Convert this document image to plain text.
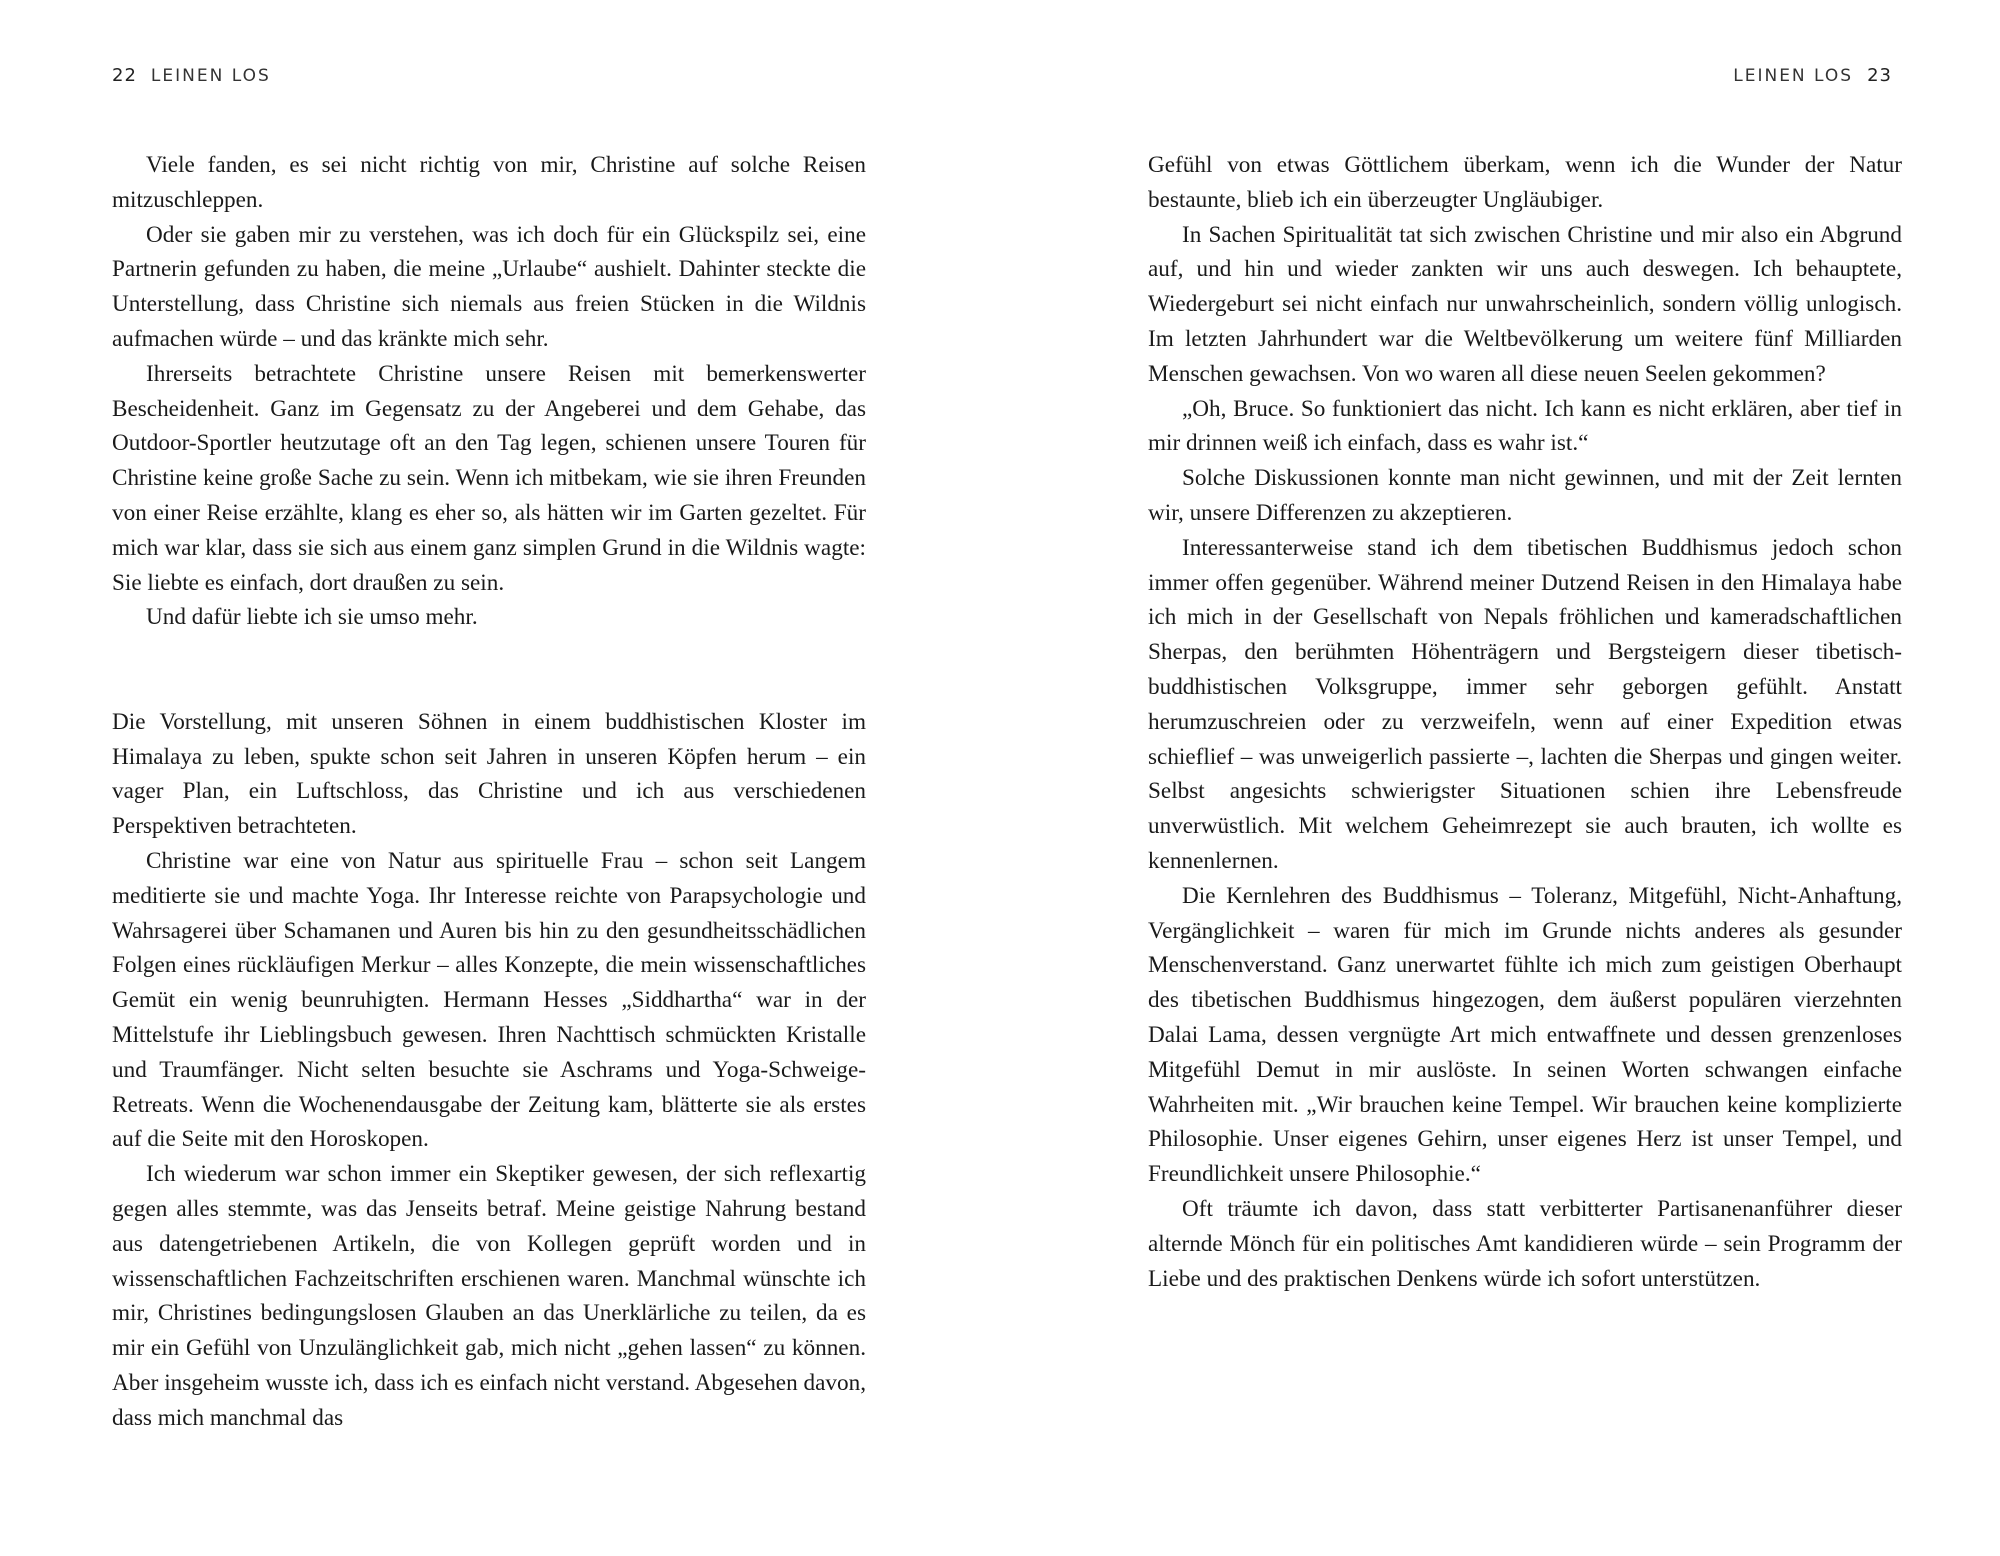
22 LEINEN LOS

Viele fanden, es sei nicht richtig von mir, Christine auf solche Reisen mitzuschleppen.

Oder sie gaben mir zu verstehen, was ich doch für ein Glückspilz sei, eine Partnerin gefunden zu haben, die meine „Urlaube“ aushielt. Dahinter steckte die Unterstellung, dass Christine sich niemals aus freien Stücken in die Wildnis aufmachen würde – und das kränkte mich sehr.

Ihrerseits betrachtete Christine unsere Reisen mit bemerkenswerter Bescheidenheit. Ganz im Gegensatz zu der Angeberei und dem Gehabe, das Outdoor-Sportler heutzutage oft an den Tag legen, schienen unsere Touren für Christine keine große Sache zu sein. Wenn ich mitbekam, wie sie ihren Freunden von einer Reise erzählte, klang es eher so, als hätten wir im Garten gezeltet. Für mich war klar, dass sie sich aus einem ganz simplen Grund in die Wildnis wagte: Sie liebte es einfach, dort draußen zu sein.

Und dafür liebte ich sie umso mehr.

Die Vorstellung, mit unseren Söhnen in einem buddhistischen Kloster im Himalaya zu leben, spukte schon seit Jahren in unseren Köpfen herum – ein vager Plan, ein Luftschloss, das Christine und ich aus verschiedenen Perspektiven betrachteten.

Christine war eine von Natur aus spirituelle Frau – schon seit Langem meditierte sie und machte Yoga. Ihr Interesse reichte von Parapsychologie und Wahrsagerei über Schamanen und Auren bis hin zu den gesundheitsschädlichen Folgen eines rückläufigen Merkur – alles Konzepte, die mein wissenschaftliches Gemüt ein wenig beunruhigten. Hermann Hesses „Siddhartha“ war in der Mittelstufe ihr Lieblingsbuch gewesen. Ihren Nachttisch schmückten Kristalle und Traumfänger. Nicht selten besuchte sie Aschrams und Yoga-Schweige-Retreats. Wenn die Wochenendausgabe der Zeitung kam, blätterte sie als erstes auf die Seite mit den Horoskopen.

Ich wiederum war schon immer ein Skeptiker gewesen, der sich reflexartig gegen alles stemmte, was das Jenseits betraf. Meine geistige Nahrung bestand aus datengetriebenen Artikeln, die von Kollegen geprüft worden und in wissenschaftlichen Fachzeitschriften erschienen waren. Manchmal wünschte ich mir, Christines bedingungslosen Glauben an das Unerklärliche zu teilen, da es mir ein Gefühl von Unzulänglichkeit gab, mich nicht „gehen lassen“ zu können. Aber insgeheim wusste ich, dass ich es einfach nicht verstand. Abgesehen davon, dass mich manchmal das

LEINEN LOS 23

Gefühl von etwas Göttlichem überkam, wenn ich die Wunder der Natur bestaunte, blieb ich ein überzeugter Ungläubiger.

In Sachen Spiritualität tat sich zwischen Christine und mir also ein Abgrund auf, und hin und wieder zankten wir uns auch deswegen. Ich behauptete, Wiedergeburt sei nicht einfach nur unwahrscheinlich, sondern völlig unlogisch. Im letzten Jahrhundert war die Weltbevölkerung um weitere fünf Milliarden Menschen gewachsen. Von wo waren all diese neuen Seelen gekommen?

„Oh, Bruce. So funktioniert das nicht. Ich kann es nicht erklären, aber tief in mir drinnen weiß ich einfach, dass es wahr ist.“

Solche Diskussionen konnte man nicht gewinnen, und mit der Zeit lernten wir, unsere Differenzen zu akzeptieren.

Interessanterweise stand ich dem tibetischen Buddhismus jedoch schon immer offen gegenüber. Während meiner Dutzend Reisen in den Himalaya habe ich mich in der Gesellschaft von Nepals fröhlichen und kameradschaftlichen Sherpas, den berühmten Höhenträgern und Bergsteigern dieser tibetisch-buddhistischen Volksgruppe, immer sehr geborgen gefühlt. Anstatt herumzuschreien oder zu verzweifeln, wenn auf einer Expedition etwas schieflief – was unweigerlich passierte –, lachten die Sherpas und gingen weiter. Selbst angesichts schwierigster Situationen schien ihre Lebensfreude unverwüstlich. Mit welchem Geheimrezept sie auch brauten, ich wollte es kennenlernen.

Die Kernlehren des Buddhismus – Toleranz, Mitgefühl, Nicht-Anhaftung, Vergänglichkeit – waren für mich im Grunde nichts anderes als gesunder Menschenverstand. Ganz unerwartet fühlte ich mich zum geistigen Oberhaupt des tibetischen Buddhismus hingezogen, dem äußerst populären vierzehnten Dalai Lama, dessen vergnügte Art mich entwaffnete und dessen grenzenloses Mitgefühl Demut in mir auslöste. In seinen Worten schwangen einfache Wahrheiten mit. „Wir brauchen keine Tempel. Wir brauchen keine komplizierte Philosophie. Unser eigenes Gehirn, unser eigenes Herz ist unser Tempel, und Freundlichkeit unsere Philosophie.“

Oft träumte ich davon, dass statt verbitterter Partisanenanführer dieser alternde Mönch für ein politisches Amt kandidieren würde – sein Programm der Liebe und des praktischen Denkens würde ich sofort unterstützen.
